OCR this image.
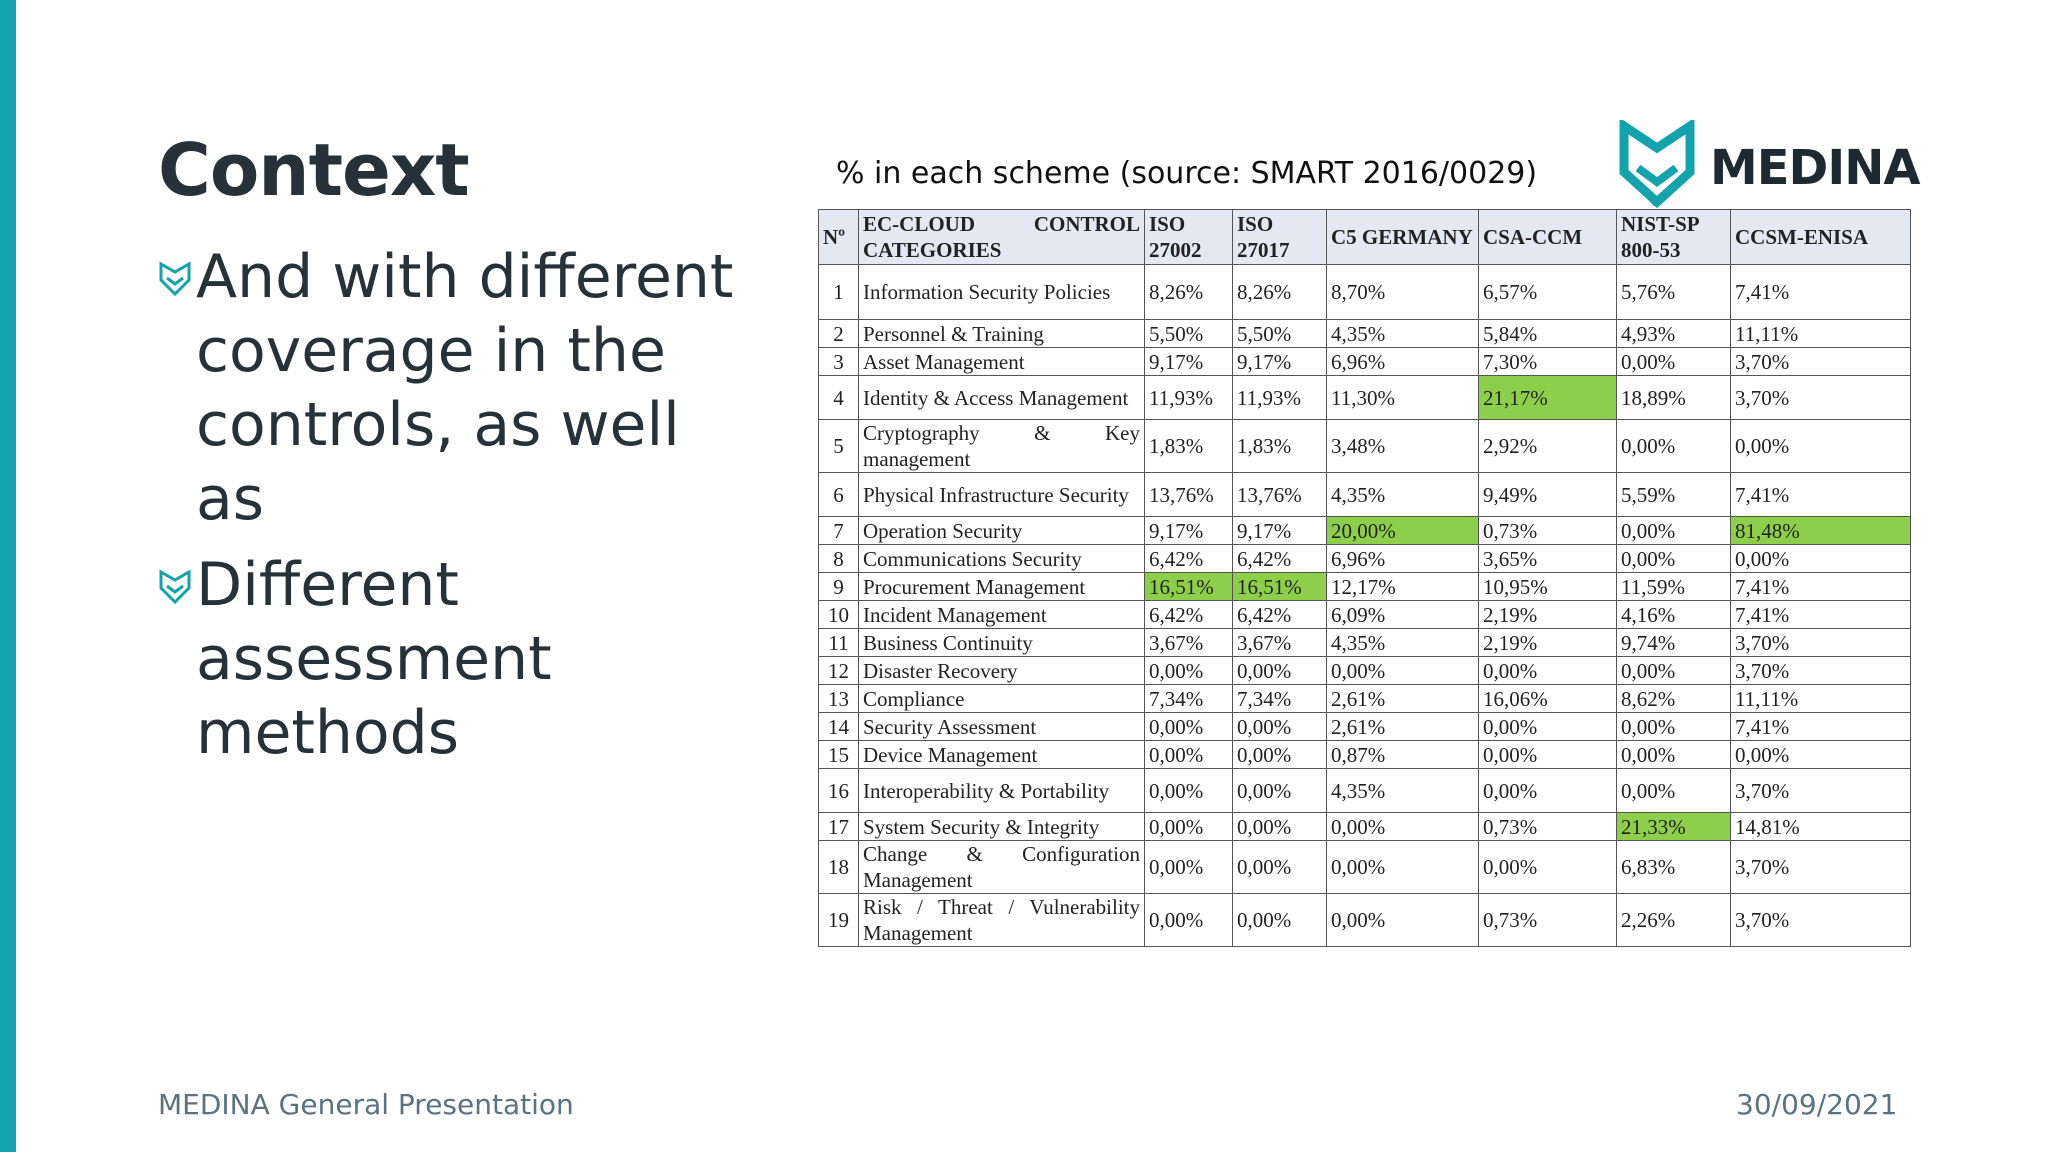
Context
And with different coverage in the controls, as well as
Different assessment methods
% in each scheme (source: SMART 2016/0029)	MEDINA
Nº	EC-CLOUD CONTROL CATEGORIES	ISO 27002	ISO 27017	C5 GERMANY	CSA-CCM	NIST-SP 800-53	CCSM-ENISA
1	Information Security Policies	8,26%	8,26%	8,70%	6,57%	5,76%	7,41%
2	Personnel & Training	5,50%	5,50%	4,35%	5,84%	4,93%	11,11%
3	Asset Management	9,17%	9,17%	6,96%	7,30%	0,00%	3,70%
4	Identity & Access Management	11,93%	11,93%	11,30%	21,17%	18,89%	3,70%
5	Cryptography & Key management	1,83%	1,83%	3,48%	2,92%	0,00%	0,00%
6	Physical Infrastructure Security	13,76%	13,76%	4,35%	9,49%	5,59%	7,41%
7	Operation Security	9,17%	9,17%	20,00%	0,73%	0,00%	81,48%
8	Communications Security	6,42%	6,42%	6,96%	3,65%	0,00%	0,00%
9	Procurement Management	16,51%	16,51%	12,17%	10,95%	11,59%	7,41%
10	Incident Management	6,42%	6,42%	6,09%	2,19%	4,16%	7,41%
11	Business Continuity	3,67%	3,67%	4,35%	2,19%	9,74%	3,70%
12	Disaster Recovery	0,00%	0,00%	0,00%	0,00%	0,00%	3,70%
13	Compliance	7,34%	7,34%	2,61%	16,06%	8,62%	11,11%
14	Security Assessment	0,00%	0,00%	2,61%	0,00%	0,00%	7,41%
15	Device Management	0,00%	0,00%	0,87%	0,00%	0,00%	0,00%
16	Interoperability & Portability	0,00%	0,00%	4,35%	0,00%	0,00%	3,70%
17	System Security & Integrity	0,00%	0,00%	0,00%	0,73%	21,33%	14,81%
18	Change & Configuration Management	0,00%	0,00%	0,00%	0,00%	6,83%	3,70%
19	Risk / Threat / Vulnerability Management	0,00%	0,00%	0,00%	0,73%	2,26%	3,70%
MEDINA General Presentation	30/09/2021
